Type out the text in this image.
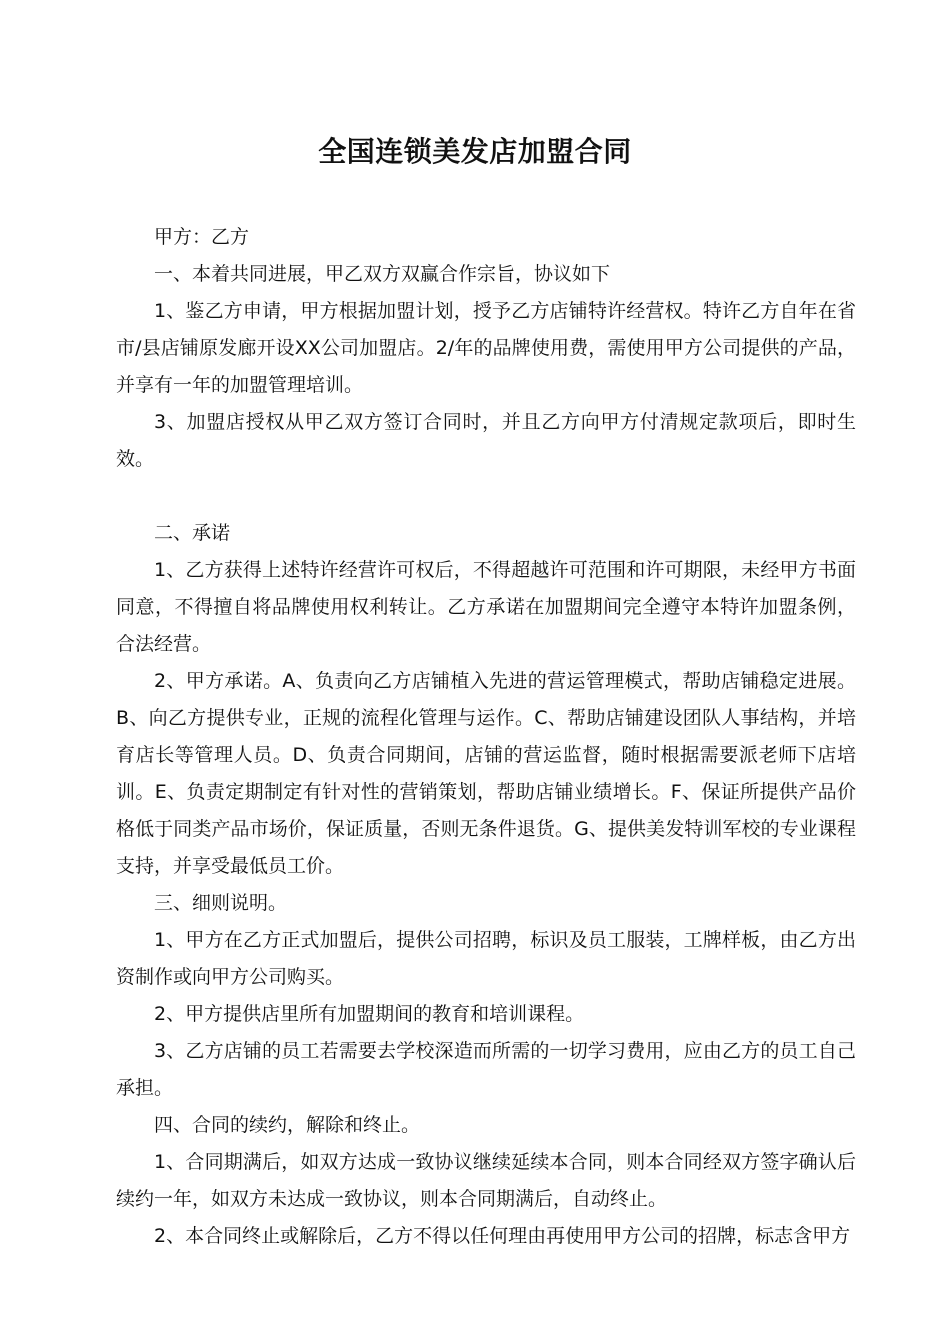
全国连锁美发店加盟合同

甲方：乙方

一、本着共同进展，甲乙双方双赢合作宗旨，协议如下

1、鉴乙方申请，甲方根据加盟计划，授予乙方店铺特许经营权。特许乙方自年在省市/县店铺原发廊开设XX公司加盟店。2/年的品牌使用费，需使用甲方公司提供的产品，并享有一年的加盟管理培训。

3、加盟店授权从甲乙双方签订合同时，并且乙方向甲方付清规定款项后，即时生效。

二、承诺

1、乙方获得上述特许经营许可权后，不得超越许可范围和许可期限，未经甲方书面同意，不得擅自将品牌使用权利转让。乙方承诺在加盟期间完全遵守本特许加盟条例，合法经营。

2、甲方承诺。A、负责向乙方店铺植入先进的营运管理模式，帮助店铺稳定进展。B、向乙方提供专业，正规的流程化管理与运作。C、帮助店铺建设团队人事结构，并培育店长等管理人员。D、负责合同期间，店铺的营运监督，随时根据需要派老师下店培训。E、负责定期制定有针对性的营销策划，帮助店铺业绩增长。F、保证所提供产品价格低于同类产品市场价，保证质量，否则无条件退货。G、提供美发特训军校的专业课程支持，并享受最低员工价。

三、细则说明。

1、甲方在乙方正式加盟后，提供公司招聘，标识及员工服装，工牌样板，由乙方出资制作或向甲方公司购买。

2、甲方提供店里所有加盟期间的教育和培训课程。

3、乙方店铺的员工若需要去学校深造而所需的一切学习费用，应由乙方的员工自己承担。

四、合同的续约，解除和终止。

1、合同期满后，如双方达成一致协议继续延续本合同，则本合同经双方签字确认后续约一年，如双方未达成一致协议，则本合同期满后，自动终止。

2、本合同终止或解除后，乙方不得以任何理由再使用甲方公司的招牌，标志含甲方
